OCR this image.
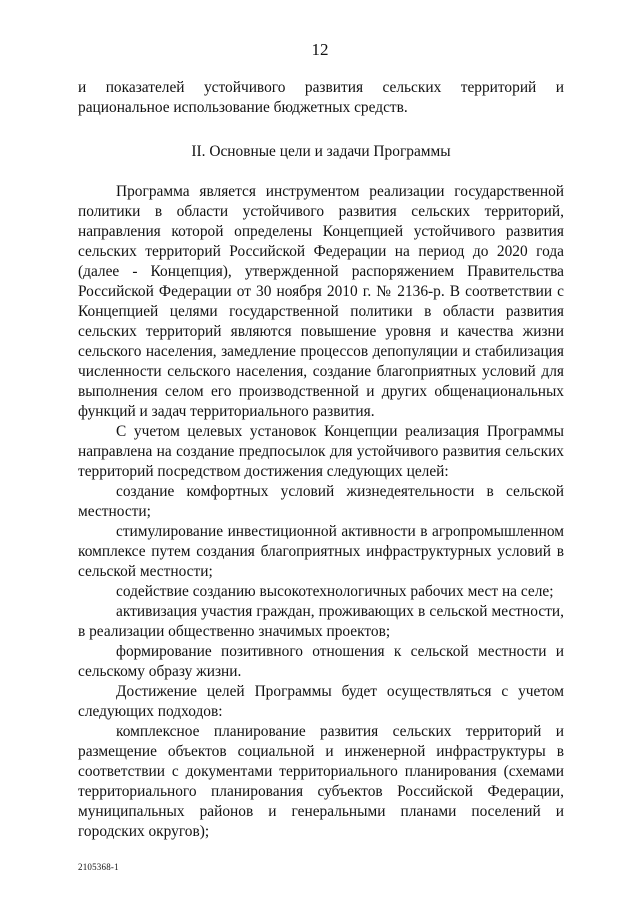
12

и показателей устойчивого развития сельских территорий и рациональное использование бюджетных средств.

II. Основные цели и задачи Программы

Программа является инструментом реализации государственной политики в области устойчивого развития сельских территорий, направления которой определены Концепцией устойчивого развития сельских территорий Российской Федерации на период до 2020 года (далее - Концепция), утвержденной распоряжением Правительства Российской Федерации от 30 ноября 2010 г. № 2136-р. В соответствии с Концепцией целями государственной политики в области развития сельских территорий являются повышение уровня и качества жизни сельского населения, замедление процессов депопуляции и стабилизация численности сельского населения, создание благоприятных условий для выполнения селом его производственной и других общенациональных функций и задач территориального развития.

С учетом целевых установок Концепции реализация Программы направлена на создание предпосылок для устойчивого развития сельских территорий посредством достижения следующих целей:

создание комфортных условий жизнедеятельности в сельской местности;

стимулирование инвестиционной активности в агропромышленном комплексе путем создания благоприятных инфраструктурных условий в сельской местности;

содействие созданию высокотехнологичных рабочих мест на селе;

активизация участия граждан, проживающих в сельской местности, в реализации общественно значимых проектов;

формирование позитивного отношения к сельской местности и сельскому образу жизни.

Достижение целей Программы будет осуществляться с учетом следующих подходов:

комплексное планирование развития сельских территорий и размещение объектов социальной и инженерной инфраструктуры в соответствии с документами территориального планирования (схемами территориального планирования субъектов Российской Федерации, муниципальных районов и генеральными планами поселений и городских округов);

2105368-1
